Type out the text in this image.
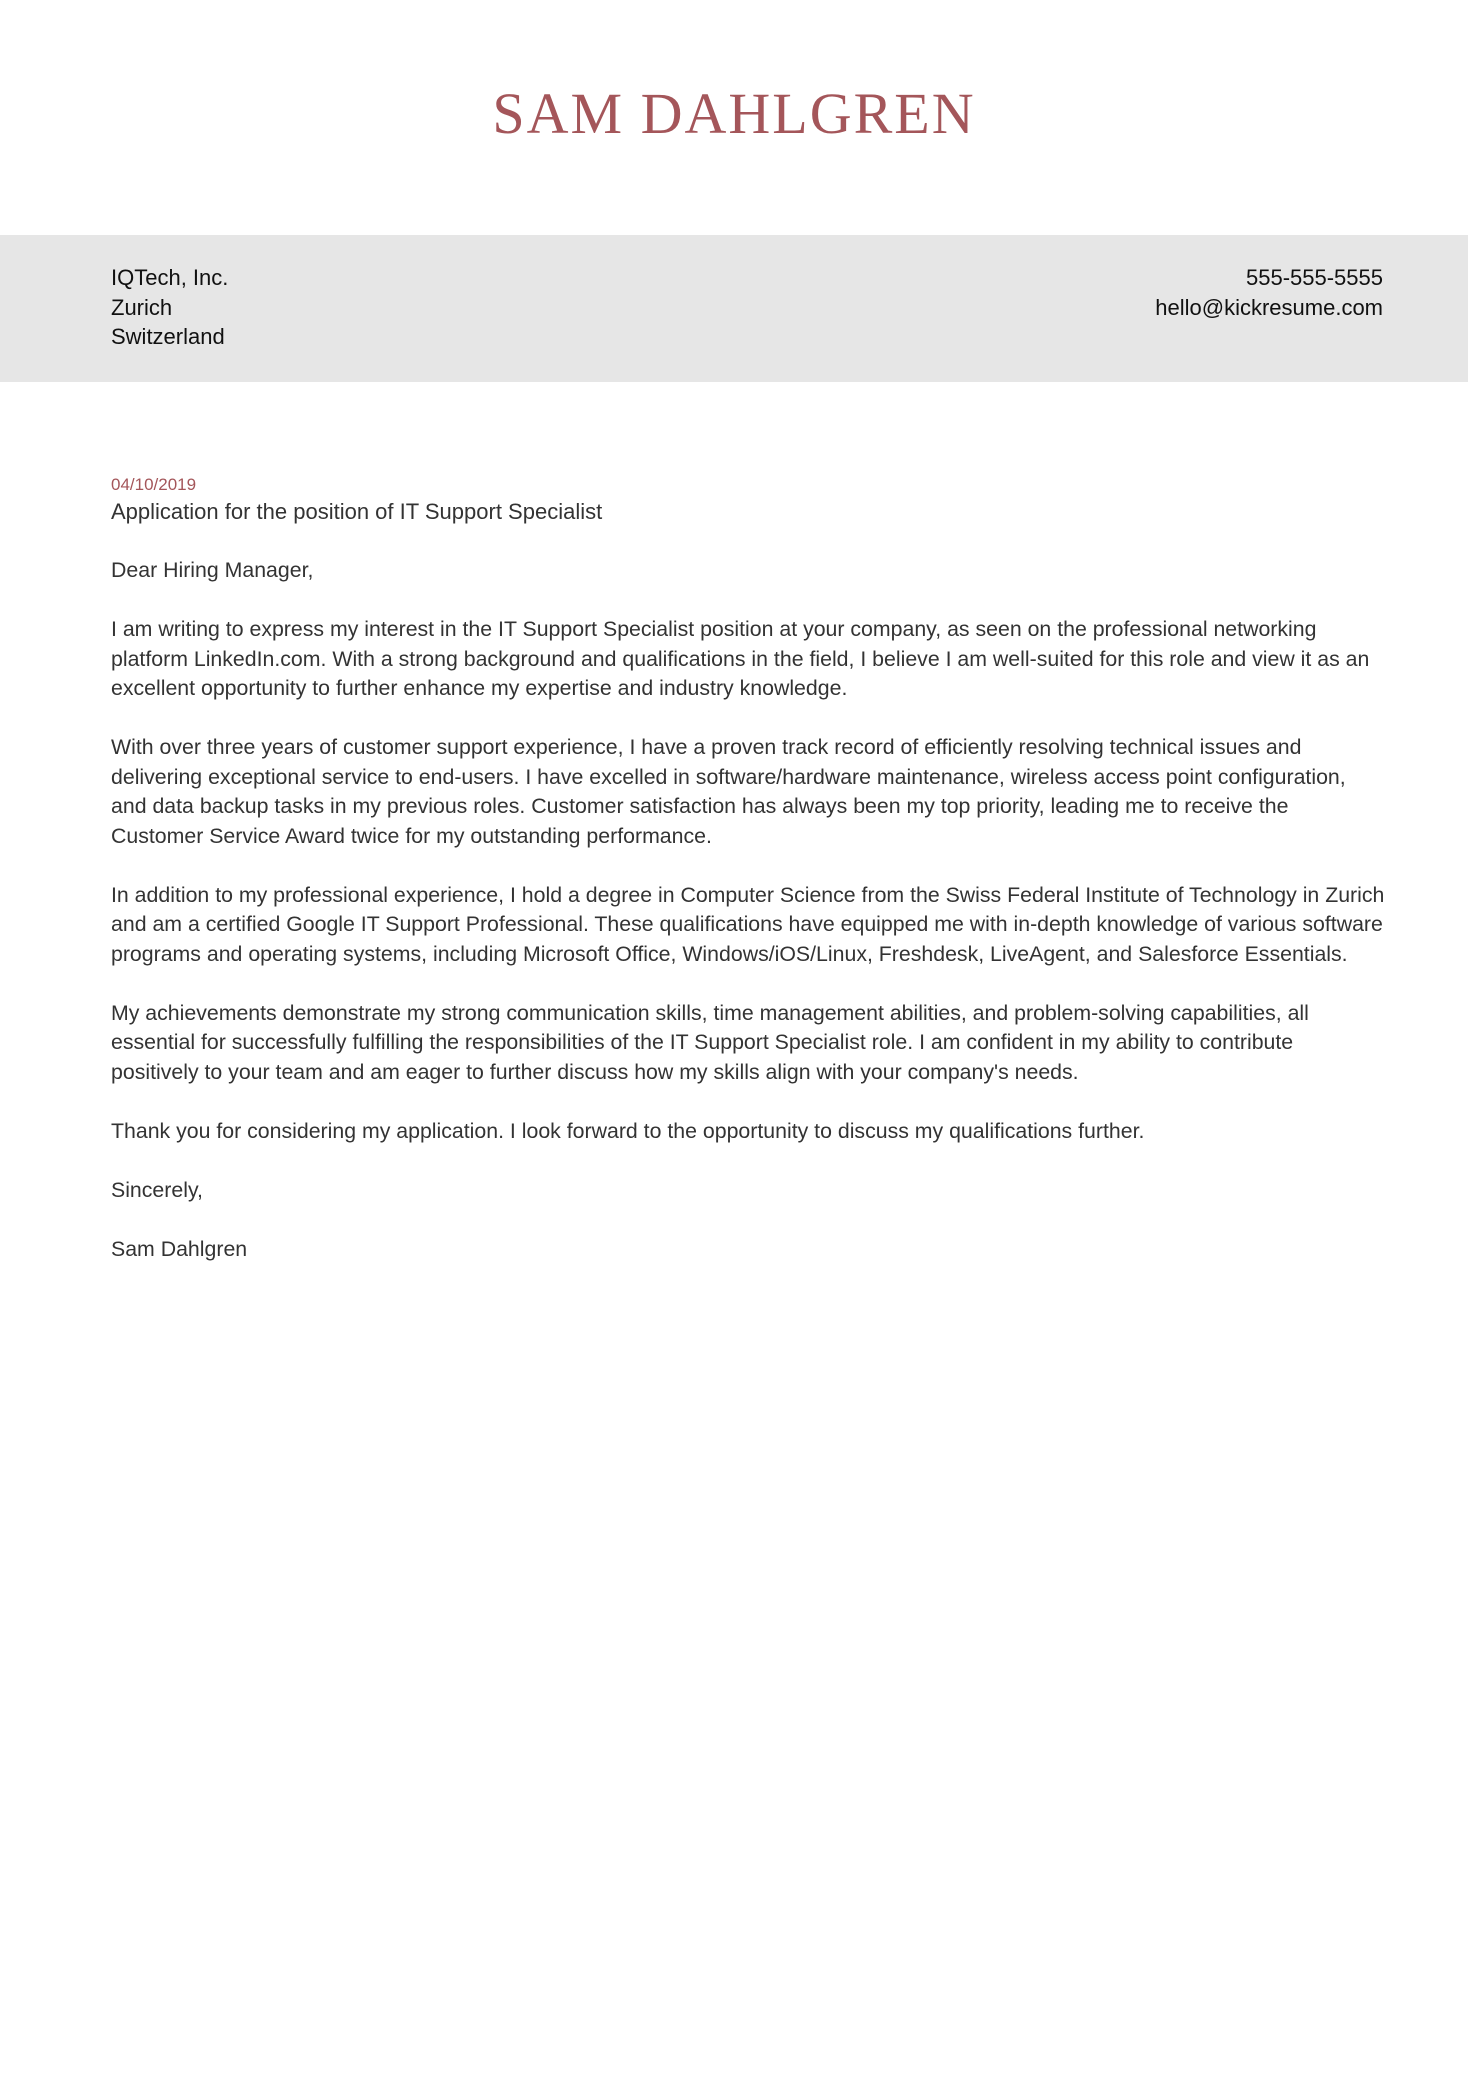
SAM DAHLGREN
IQTech, Inc.
Zurich
Switzerland
555-555-5555
hello@kickresume.com

04/10/2019

Application for the position of IT Support Specialist

Dear Hiring Manager,

I am writing to express my interest in the IT Support Specialist position at your company, as seen on the professional networking platform LinkedIn.com. With a strong background and qualifications in the field, I believe I am well-suited for this role and view it as an excellent opportunity to further enhance my expertise and industry knowledge.

With over three years of customer support experience, I have a proven track record of efficiently resolving technical issues and delivering exceptional service to end-users. I have excelled in software/hardware maintenance, wireless access point configuration, and data backup tasks in my previous roles. Customer satisfaction has always been my top priority, leading me to receive the Customer Service Award twice for my outstanding performance.

In addition to my professional experience, I hold a degree in Computer Science from the Swiss Federal Institute of Technology in Zurich and am a certified Google IT Support Professional. These qualifications have equipped me with in-depth knowledge of various software programs and operating systems, including Microsoft Office, Windows/iOS/Linux, Freshdesk, LiveAgent, and Salesforce Essentials.

My achievements demonstrate my strong communication skills, time management abilities, and problem-solving capabilities, all essential for successfully fulfilling the responsibilities of the IT Support Specialist role. I am confident in my ability to contribute positively to your team and am eager to further discuss how my skills align with your company's needs.

Thank you for considering my application. I look forward to the opportunity to discuss my qualifications further.

Sincerely,

Sam Dahlgren
